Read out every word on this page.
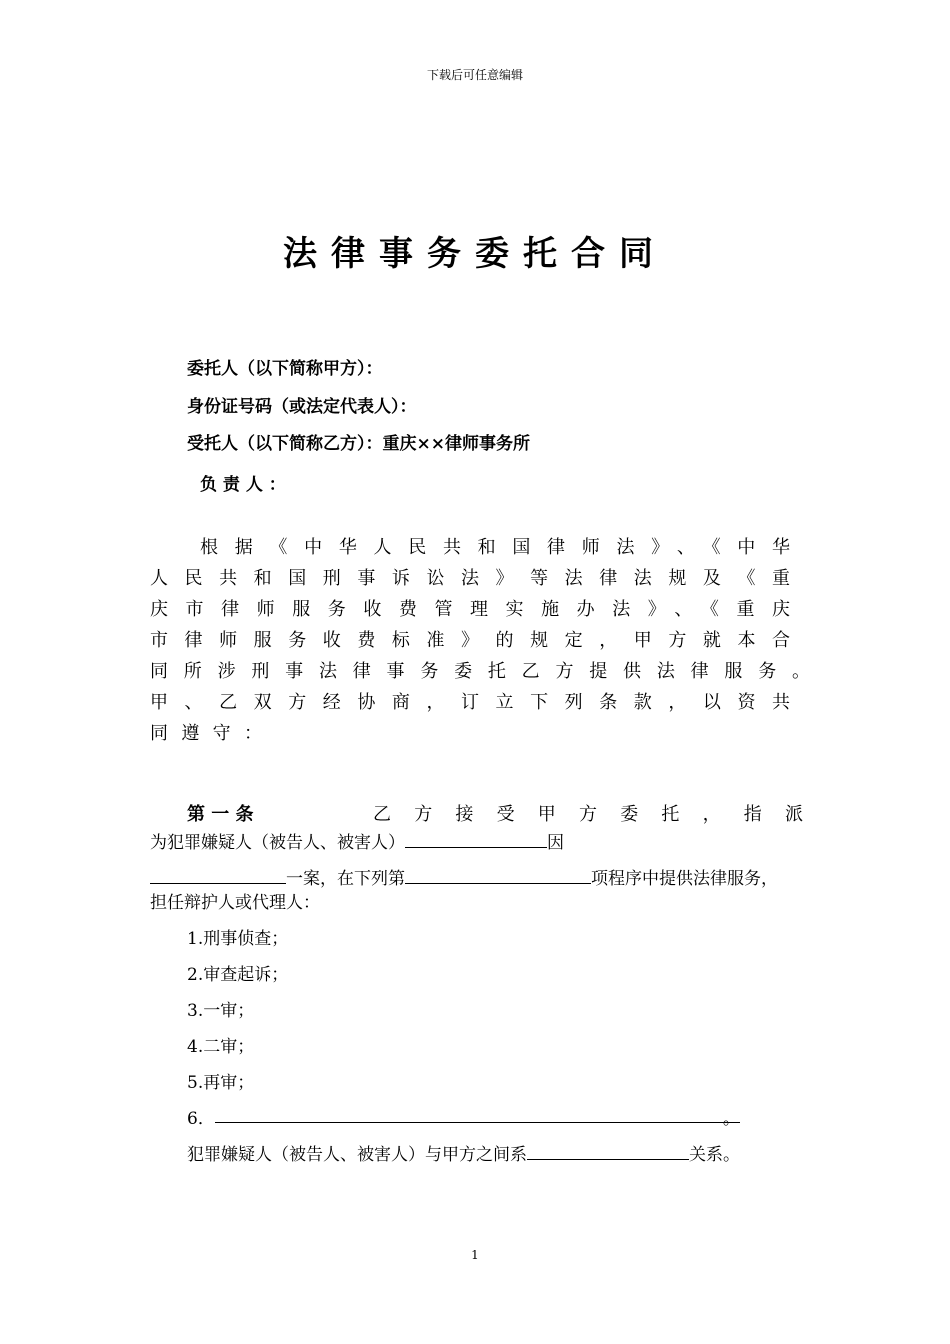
下载后可任意编辑
法律事务委托合同
委托人（以下简称甲方）：
身份证号码（或法定代表人）：
受托人（以下简称乙方）：重庆××律师事务所
负 责 人 ：
根据《中华人民共和国律师法》、《中华
人民共和国刑事诉讼法》等法律法规及《重
庆市律师服务收费管理实施办法》、《重庆
市律师服务收费标准》的规定，甲方就本合
同所涉刑事法律事务委托乙方提供法律服务。
甲、乙双方经协商，订立下列条款，以资共
同遵守：
第 一 条	乙方接受甲方委托，指派
为犯罪嫌疑人（被告人、被害人）	因
一案，在下列第	项程序中提供法律服务，
担任辩护人或代理人：
1.刑事侦查；
2.审查起诉；
3.一审；
4.二审；
5.再审；
6．	。
犯罪嫌疑人（被告人、被害人）与甲方之间系	关系。
1
